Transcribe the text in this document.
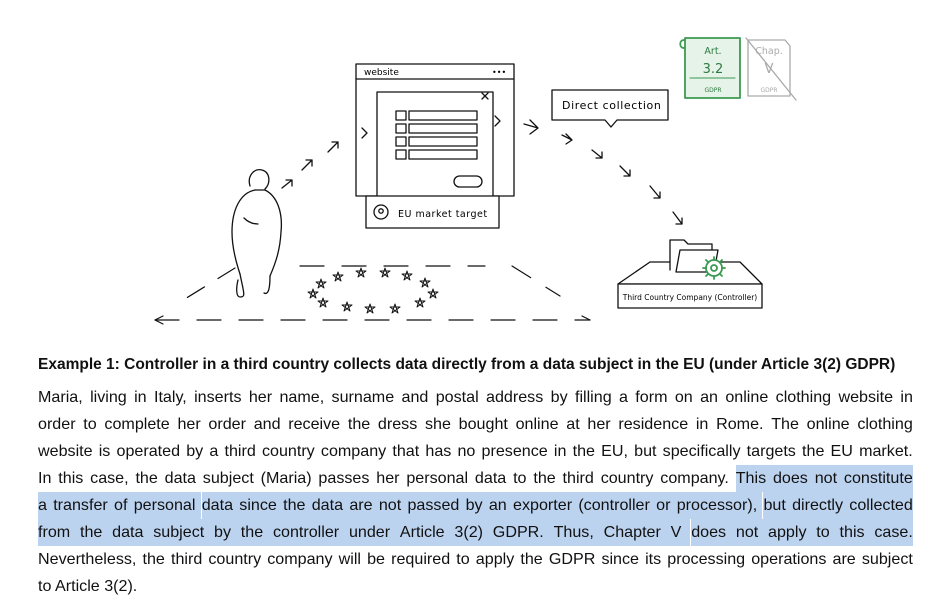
website	•••
EU market target
Direct collection
Art.
3.2
GDPR
Chap.
V
GDPR
Third Country Company (Controller)
Example 1: Controller in a third country collects data directly from a data subject in the EU (under Article 3(2) GDPR)
Maria, living in Italy, inserts her name, surname and postal address by filling a form on an online clothing website in
order to complete her order and receive the dress she bought online at her residence in Rome. The online clothing
website is operated by a third country company that has no presence in the EU, but specifically targets the EU market.
In this case, the data subject (Maria) passes her personal data to the third country company. This does not constitute
a transfer of personal data since the data are not passed by an exporter (controller or processor), but directly collected
from the data subject by the controller under Article 3(2) GDPR. Thus, Chapter V does not apply to this case.
Nevertheless, the third country company will be required to apply the GDPR since its processing operations are subject
to Article 3(2).
